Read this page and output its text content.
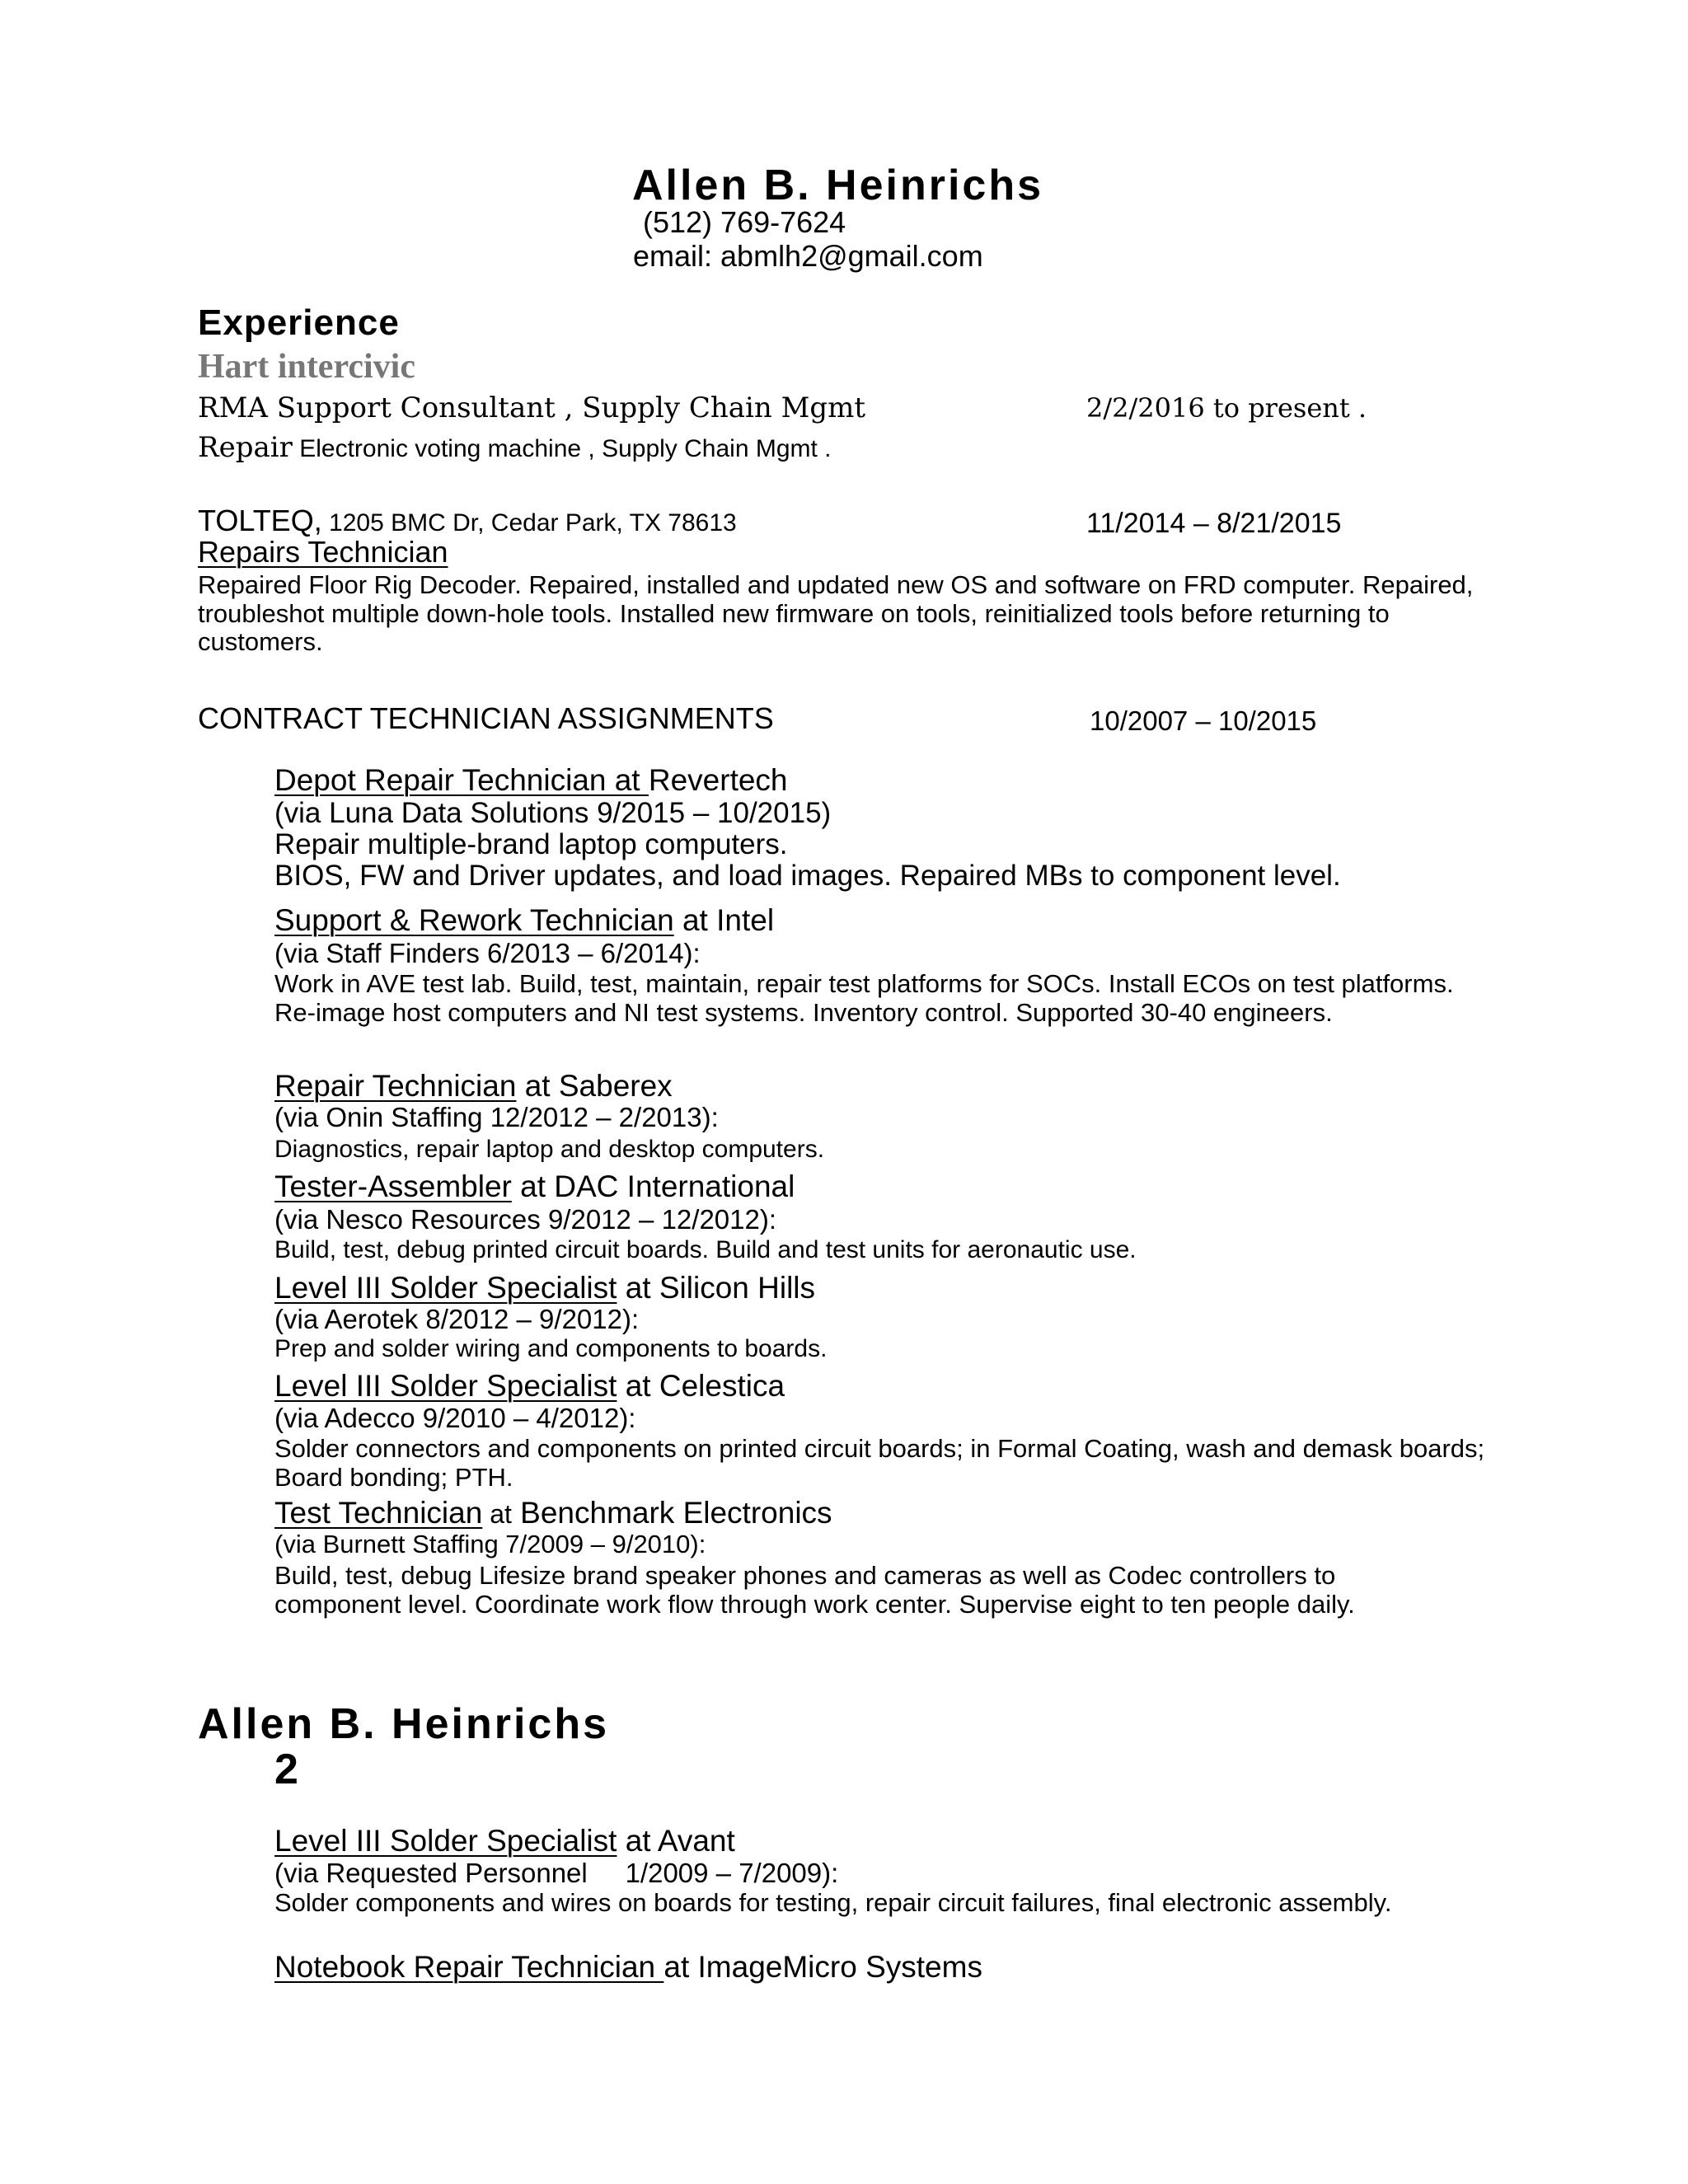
Allen B. Heinrichs
(512) 769-7624
email: abmlh2@gmail.com
Experience
Hart intercivic
RMA Support Consultant , Supply Chain Mgmt	2/2/2016 to present .
Repair Electronic voting machine , Supply Chain Mgmt .
TOLTEQ, 1205 BMC Dr, Cedar Park, TX 78613	11/2014 – 8/21/2015
Repairs Technician
Repaired Floor Rig Decoder. Repaired, installed and updated new OS and software on FRD computer. Repaired, troubleshot multiple down-hole tools. Installed new firmware on tools, reinitialized tools before returning to customers.
CONTRACT TECHNICIAN ASSIGNMENTS	10/2007 – 10/2015
Depot Repair Technician at Revertech
(via Luna Data Solutions 9/2015 – 10/2015)
Repair multiple-brand laptop computers.
BIOS, FW and Driver updates, and load images. Repaired MBs to component level.
Support & Rework Technician at Intel
(via Staff Finders 6/2013 – 6/2014):
Work in AVE test lab. Build, test, maintain, repair test platforms for SOCs. Install ECOs on test platforms. Re-image host computers and NI test systems. Inventory control. Supported 30-40 engineers.
Repair Technician at Saberex
(via Onin Staffing 12/2012 – 2/2013):
Diagnostics, repair laptop and desktop computers.
Tester-Assembler at DAC International
(via Nesco Resources 9/2012 – 12/2012):
Build, test, debug printed circuit boards. Build and test units for aeronautic use.
Level III Solder Specialist at Silicon Hills
(via Aerotek 8/2012 – 9/2012):
Prep and solder wiring and components to boards.
Level III Solder Specialist at Celestica
(via Adecco 9/2010 – 4/2012):
Solder connectors and components on printed circuit boards; in Formal Coating, wash and demask boards; Board bonding; PTH.
Test Technician at Benchmark Electronics
(via Burnett Staffing 7/2009 – 9/2010):
Build, test, debug Lifesize brand speaker phones and cameras as well as Codec controllers to component level. Coordinate work flow through work center. Supervise eight to ten people daily.
Allen B. Heinrichs
2
Level III Solder Specialist at Avant
(via Requested Personnel     1/2009 – 7/2009):
Solder components and wires on boards for testing, repair circuit failures, final electronic assembly.
Notebook Repair Technician at ImageMicro Systems
